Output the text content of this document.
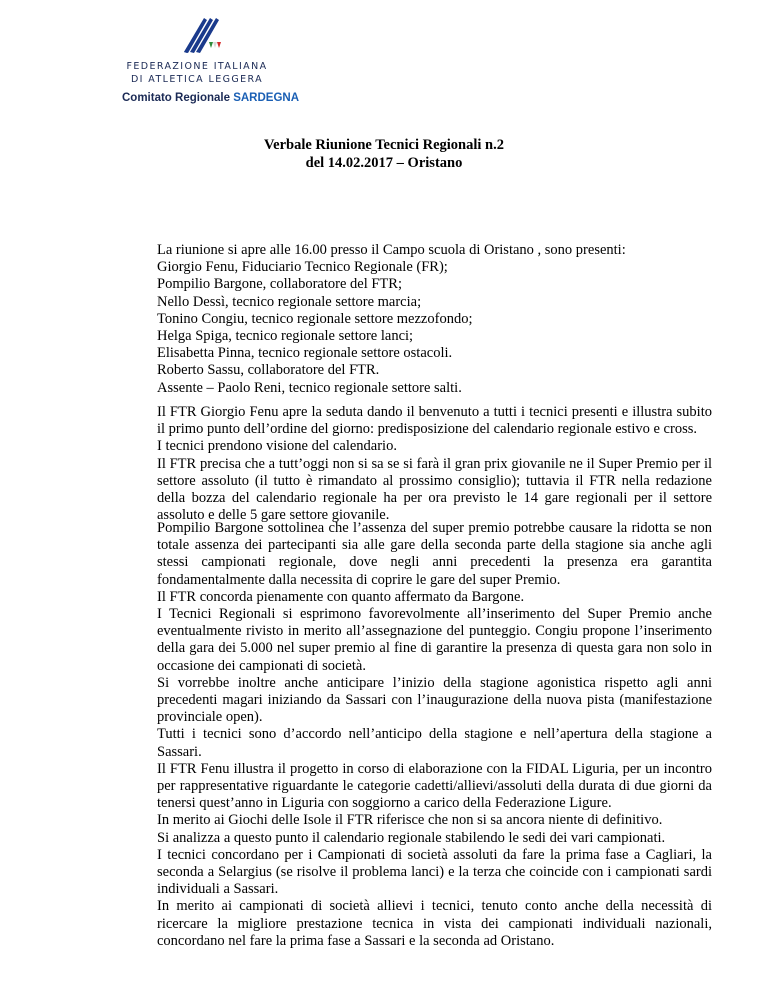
FEDERAZIONE ITALIANA
DI ATLETICA LEGGERA
Comitato Regionale SARDEGNA
Verbale Riunione Tecnici Regionali n.2
del 14.02.2017 – Oristano
La riunione si apre alle 16.00 presso il Campo scuola di Oristano , sono presenti:
Giorgio Fenu, Fiduciario Tecnico Regionale (FR);
Pompilio Bargone, collaboratore del FTR;
Nello Dessì, tecnico regionale settore marcia;
Tonino Congiu, tecnico regionale settore mezzofondo;
Helga Spiga, tecnico regionale settore lanci;
Elisabetta Pinna, tecnico regionale settore ostacoli.
Roberto Sassu, collaboratore del FTR.
Assente – Paolo Reni, tecnico regionale settore salti.

Il FTR Giorgio Fenu apre la seduta dando il benvenuto a tutti i tecnici presenti e illustra subito il primo punto dell’ordine del giorno: predisposizione del calendario regionale estivo e cross.

I tecnici prendono visione del calendario.

Il FTR precisa che a tutt’oggi non si sa se si farà il gran prix giovanile ne il Super Premio per il settore assoluto (il tutto è rimandato al prossimo consiglio); tuttavia il FTR nella redazione della bozza del calendario regionale ha per ora previsto le 14 gare regionali per il settore assoluto e delle 5 gare settore giovanile.

Pompilio Bargone sottolinea che l’assenza del super premio potrebbe causare la ridotta se non totale assenza dei partecipanti sia alle gare della seconda parte della stagione sia anche agli stessi campionati regionale, dove negli anni precedenti la presenza era garantita fondamentalmente dalla necessita di coprire le gare del super Premio.

Il FTR concorda pienamente con quanto affermato da Bargone.

I Tecnici Regionali si esprimono favorevolmente all’inserimento del Super Premio anche eventualmente rivisto in merito all’assegnazione del punteggio. Congiu propone l’inserimento della gara dei 5.000 nel super premio al fine di garantire la presenza di questa gara non solo in occasione dei campionati di società.

Si vorrebbe inoltre anche anticipare l’inizio della stagione agonistica rispetto agli anni precedenti magari iniziando da Sassari con l’inaugurazione della nuova pista (manifestazione provinciale open).

Tutti i tecnici sono d’accordo nell’anticipo della stagione e nell’apertura della stagione a Sassari.

Il FTR Fenu illustra il progetto in corso di elaborazione con la FIDAL Liguria, per un incontro per rappresentative riguardante le categorie cadetti/allievi/assoluti della durata di due giorni da tenersi quest’anno in Liguria con soggiorno a carico della Federazione Ligure.

In merito ai Giochi delle Isole il FTR riferisce che non si sa ancora niente di definitivo.

Si analizza a questo punto il calendario regionale stabilendo le sedi dei vari campionati.

I tecnici concordano per i Campionati di società assoluti da fare la prima fase a Cagliari, la seconda a Selargius (se risolve il problema lanci) e la terza che coincide con i campionati sardi individuali a Sassari.

In merito ai campionati di società allievi i tecnici, tenuto conto anche della necessità di ricercare la migliore prestazione tecnica in vista dei campionati individuali nazionali, concordano nel fare la prima fase a Sassari e la seconda ad Oristano.
